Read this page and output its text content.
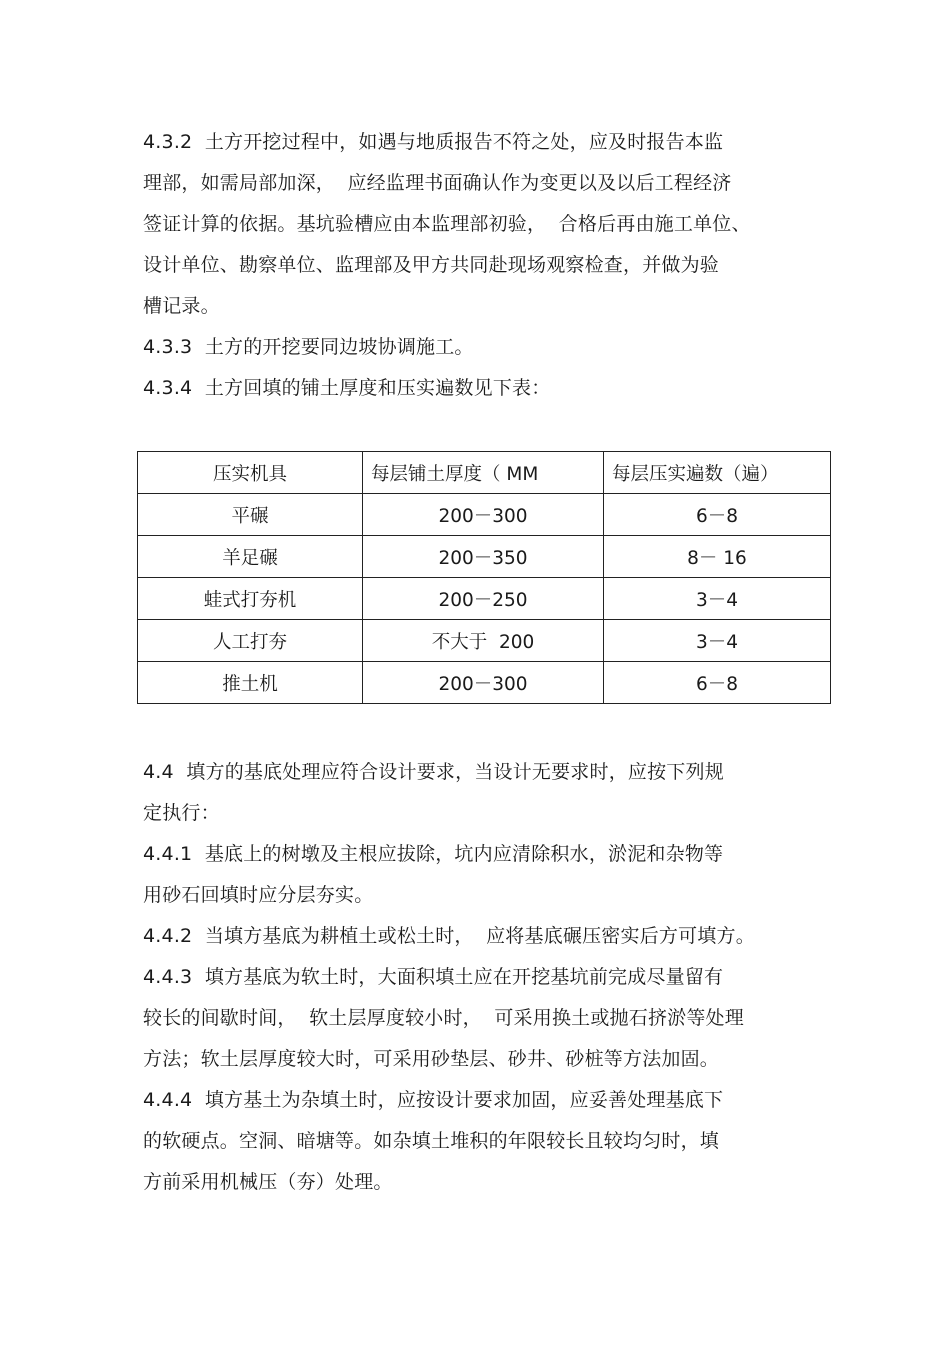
4.3.2  土方开挖过程中，如遇与地质报告不符之处，应及时报告本监
理部，如需局部加深，  应经监理书面确认作为变更以及以后工程经济
签证计算的依据。基坑验槽应由本监理部初验，  合格后再由施工单位、
设计单位、勘察单位、监理部及甲方共同赴现场观察检查，并做为验
槽记录。
4.3.3  土方的开挖要同边坡协调施工。
4.3.4  土方回填的铺土厚度和压实遍数见下表：
压实机具	每层铺土厚度（ MM	每层压实遍数（遍）
平碾	200－300	6－8
羊足碾	200－350	8－ 16
蛙式打夯机	200－250	3－4
人工打夯	不大于  200	3－4
推土机	200－300	6－8
4.4  填方的基底处理应符合设计要求，当设计无要求时，应按下列规
定执行：
4.4.1  基底上的树墩及主根应拔除，坑内应清除积水，淤泥和杂物等
用砂石回填时应分层夯实。
4.4.2  当填方基底为耕植土或松土时，  应将基底碾压密实后方可填方。
4.4.3  填方基底为软土时，大面积填土应在开挖基坑前完成尽量留有
较长的间歇时间，  软土层厚度较小时，  可采用换土或抛石挤淤等处理
方法；软土层厚度较大时，可采用砂垫层、砂井、砂桩等方法加固。
4.4.4  填方基土为杂填土时，应按设计要求加固，应妥善处理基底下
的软硬点。空洞、暗塘等。如杂填土堆积的年限较长且较均匀时，填
方前采用机械压（夯）处理。
